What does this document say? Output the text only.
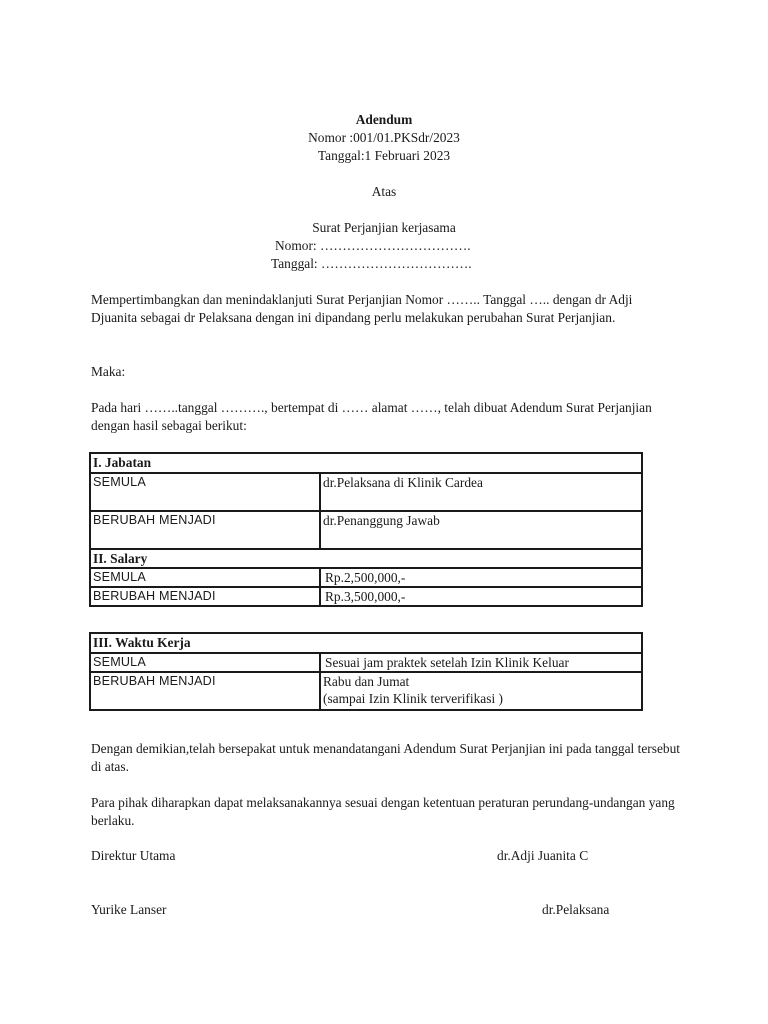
Adendum
Nomor :001/01.PKSdr/2023
Tanggal:1 Februari 2023
Atas
Surat Perjanjian kerjasama
Nomor: …………………………….
Tanggal: …………………………….
Mempertimbangkan dan menindaklanjuti Surat Perjanjian Nomor …….. Tanggal ….. dengan dr Adji Djuanita sebagai dr Pelaksana dengan ini dipandang perlu melakukan perubahan Surat Perjanjian.
Maka:
Pada hari ……..tanggal ………., bertempat di …… alamat ……, telah dibuat Adendum Surat Perjanjian dengan hasil sebagai berikut:
I. Jabatan	
SEMULA	dr.Pelaksana di Klinik Cardea
BERUBAH MENJADI	dr.Penanggung Jawab
II. Salary	
SEMULA	Rp.2,500,000,-
BERUBAH MENJADI	Rp.3,500,000,-
III. Waktu Kerja	
SEMULA	Sesuai jam praktek setelah Izin Klinik Keluar
BERUBAH MENJADI	Rabu dan Jumat
(sampai Izin Klinik terverifikasi )
Dengan demikian,telah bersepakat untuk menandatangani Adendum Surat Perjanjian ini pada tanggal tersebut di atas.
Para pihak diharapkan dapat melaksanakannya sesuai dengan ketentuan peraturan perundang-undangan yang berlaku.
Direktur Utama	dr.Adji Juanita C
Yurike Lanser	dr.Pelaksana
